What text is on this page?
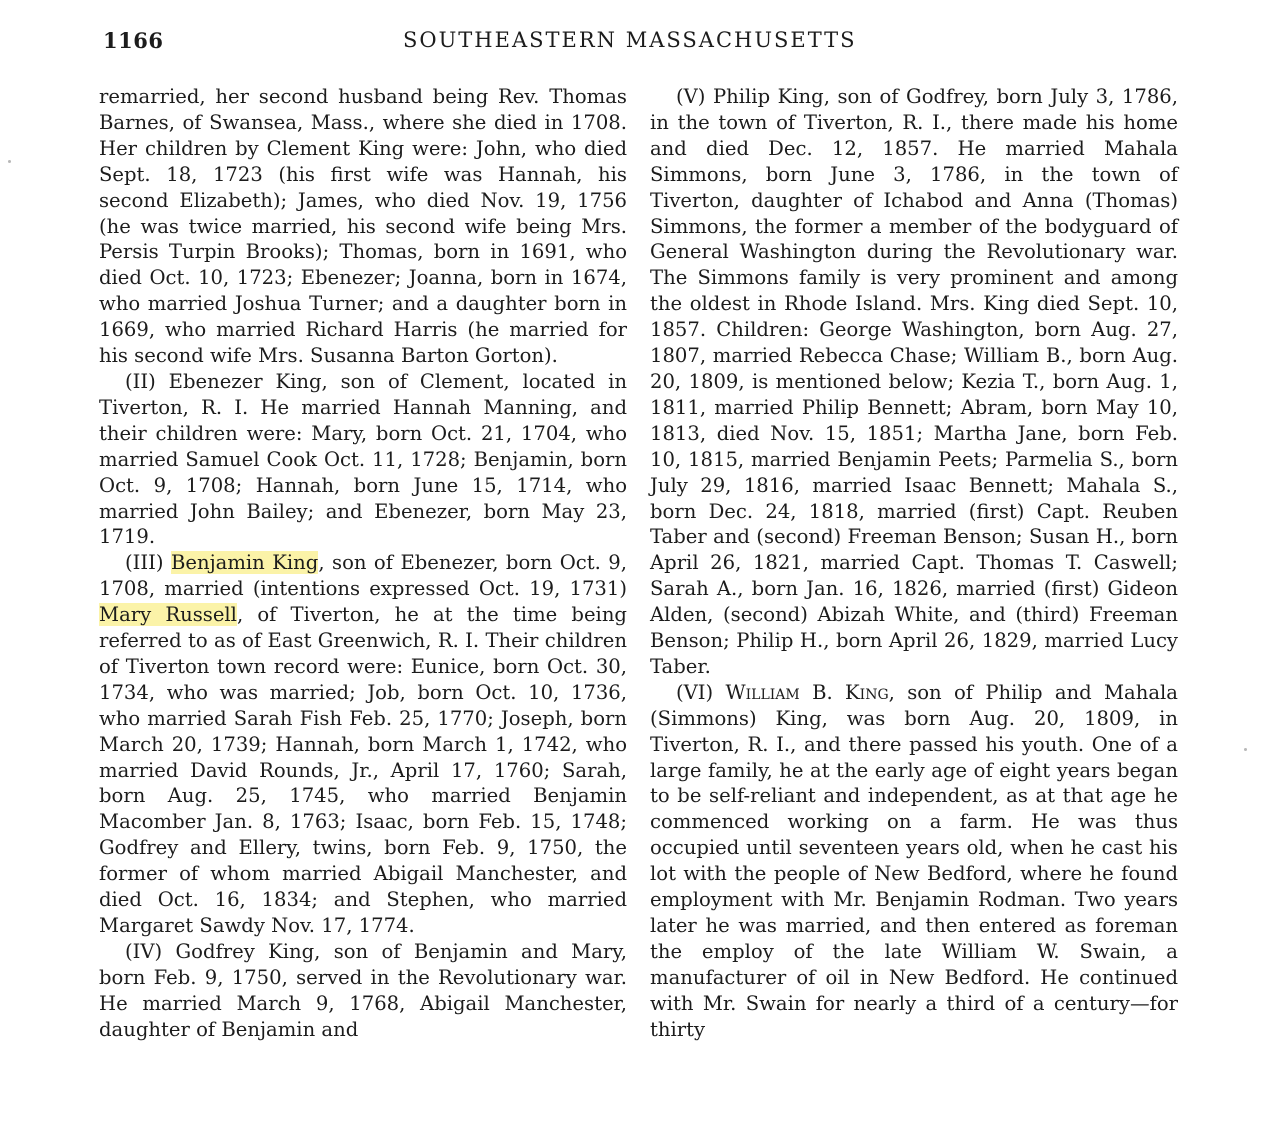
1166	SOUTHEASTERN MASSACHUSETTS

remarried, her second husband being Rev. Thomas Barnes, of Swansea, Mass., where she died in 1708. Her children by Clement King were: John, who died Sept. 18, 1723 (his first wife was Hannah, his second Elizabeth); James, who died Nov. 19, 1756 (he was twice married, his second wife being Mrs. Persis Turpin Brooks); Thomas, born in 1691, who died Oct. 10, 1723; Ebenezer; Joanna, born in 1674, who married Joshua Turner; and a daughter born in 1669, who married Richard Harris (he married for his second wife Mrs. Susanna Barton Gorton).

(II) Ebenezer King, son of Clement, located in Tiverton, R. I. He married Hannah Manning, and their children were: Mary, born Oct. 21, 1704, who married Samuel Cook Oct. 11, 1728; Benjamin, born Oct. 9, 1708; Hannah, born June 15, 1714, who married John Bailey; and Ebenezer, born May 23, 1719.

(III) Benjamin King, son of Ebenezer, born Oct. 9, 1708, married (intentions expressed Oct. 19, 1731) Mary Russell, of Tiverton, he at the time being referred to as of East Greenwich, R. I. Their children of Tiverton town record were: Eunice, born Oct. 30, 1734, who was married; Job, born Oct. 10, 1736, who married Sarah Fish Feb. 25, 1770; Joseph, born March 20, 1739; Hannah, born March 1, 1742, who married David Rounds, Jr., April 17, 1760; Sarah, born Aug. 25, 1745, who married Benjamin Macomber Jan. 8, 1763; Isaac, born Feb. 15, 1748; Godfrey and Ellery, twins, born Feb. 9, 1750, the former of whom married Abigail Manchester, and died Oct. 16, 1834; and Stephen, who married Margaret Sawdy Nov. 17, 1774.

(IV) Godfrey King, son of Benjamin and Mary, born Feb. 9, 1750, served in the Revolutionary war. He married March 9, 1768, Abigail Manchester, daughter of Benjamin and

(V) Philip King, son of Godfrey, born July 3, 1786, in the town of Tiverton, R. I., there made his home and died Dec. 12, 1857. He married Mahala Simmons, born June 3, 1786, in the town of Tiverton, daughter of Ichabod and Anna (Thomas) Simmons, the former a member of the bodyguard of General Washington during the Revolutionary war. The Simmons family is very prominent and among the oldest in Rhode Island. Mrs. King died Sept. 10, 1857. Children: George Washington, born Aug. 27, 1807, married Rebecca Chase; William B., born Aug. 20, 1809, is mentioned below; Kezia T., born Aug. 1, 1811, married Philip Bennett; Abram, born May 10, 1813, died Nov. 15, 1851; Martha Jane, born Feb. 10, 1815, married Benjamin Peets; Parmelia S., born July 29, 1816, married Isaac Bennett; Mahala S., born Dec. 24, 1818, married (first) Capt. Reuben Taber and (second) Freeman Benson; Susan H., born April 26, 1821, married Capt. Thomas T. Caswell; Sarah A., born Jan. 16, 1826, married (first) Gideon Alden, (second) Abizah White, and (third) Freeman Benson; Philip H., born April 26, 1829, married Lucy Taber.

(VI) William B. King, son of Philip and Mahala (Simmons) King, was born Aug. 20, 1809, in Tiverton, R. I., and there passed his youth. One of a large family, he at the early age of eight years began to be self-reliant and independent, as at that age he commenced working on a farm. He was thus occupied until seventeen years old, when he cast his lot with the people of New Bedford, where he found employment with Mr. Benjamin Rodman. Two years later he was married, and then entered as foreman the employ of the late William W. Swain, a manufacturer of oil in New Bedford. He continued with Mr. Swain for nearly a third of a century—for thirty
